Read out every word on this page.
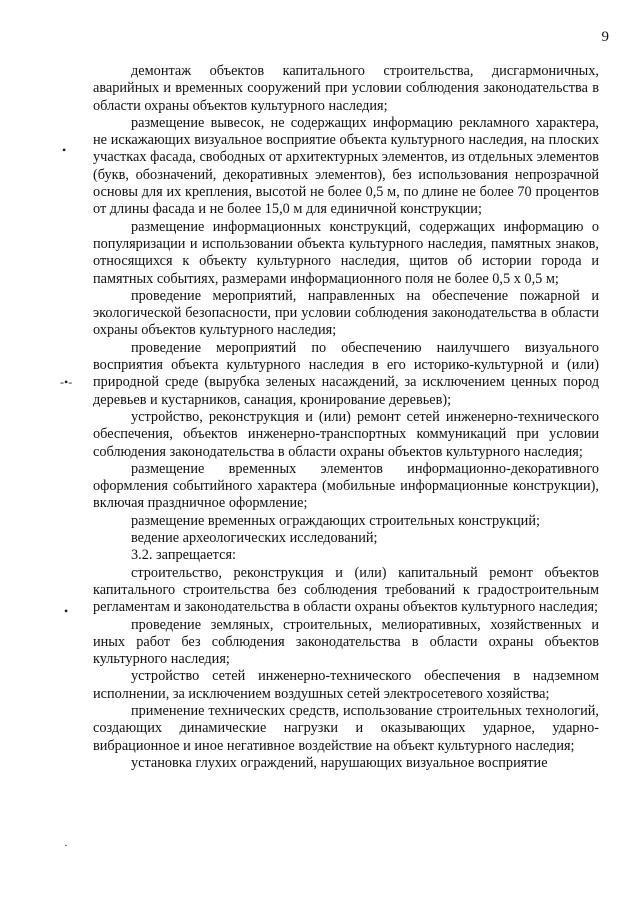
9
•
-•-
•
·

демонтаж объектов капитального строительства, дисгармоничных, аварийных и временных сооружений при условии соблюдения законодательства в области охраны объектов культурного наследия;

размещение вывесок, не содержащих информацию рекламного характера, не искажающих визуальное восприятие объекта культурного наследия, на плоских участках фасада, свободных от архитектурных элементов, из отдельных элементов (букв, обозначений, декоративных элементов), без использования непрозрачной основы для их крепления, высотой не более 0,5 м, по длине не более 70 процентов от длины фасада и не более 15,0 м для единичной конструкции;

размещение информационных конструкций, содержащих информацию о популяризации и использовании объекта культурного наследия, памятных знаков, относящихся к объекту культурного наследия, щитов об истории города и памятных событиях, размерами информационного поля не более 0,5 х 0,5 м;

проведение мероприятий, направленных на обеспечение пожарной и экологической безопасности, при условии соблюдения законодательства в области охраны объектов культурного наследия;

проведение мероприятий по обеспечению наилучшего визуального восприятия объекта культурного наследия в его историко-культурной и (или) природной среде (вырубка зеленых насаждений, за исключением ценных пород деревьев и кустарников, санация, кронирование деревьев);

устройство, реконструкция и (или) ремонт сетей инженерно-технического обеспечения, объектов инженерно-транспортных коммуникаций при условии соблюдения законодательства в области охраны объектов культурного наследия;

размещение временных элементов информационно-декоративного оформления событийного характера (мобильные информационные конструкции), включая праздничное оформление;

размещение временных ограждающих строительных конструкций;

ведение археологических исследований;

3.2. запрещается:

строительство, реконструкция и (или) капитальный ремонт объектов капитального строительства без соблюдения требований к градостроительным регламентам и законодательства в области охраны объектов культурного наследия;

проведение земляных, строительных, мелиоративных, хозяйственных и иных работ без соблюдения законодательства в области охраны объектов культурного наследия;

устройство сетей инженерно-технического обеспечения в надземном исполнении, за исключением воздушных сетей электросетевого хозяйства;

применение технических средств, использование строительных технологий, создающих динамические нагрузки и оказывающих ударное, ударно-вибрационное и иное негативное воздействие на объект культурного наследия;

установка глухих ограждений, нарушающих визуальное восприятие
